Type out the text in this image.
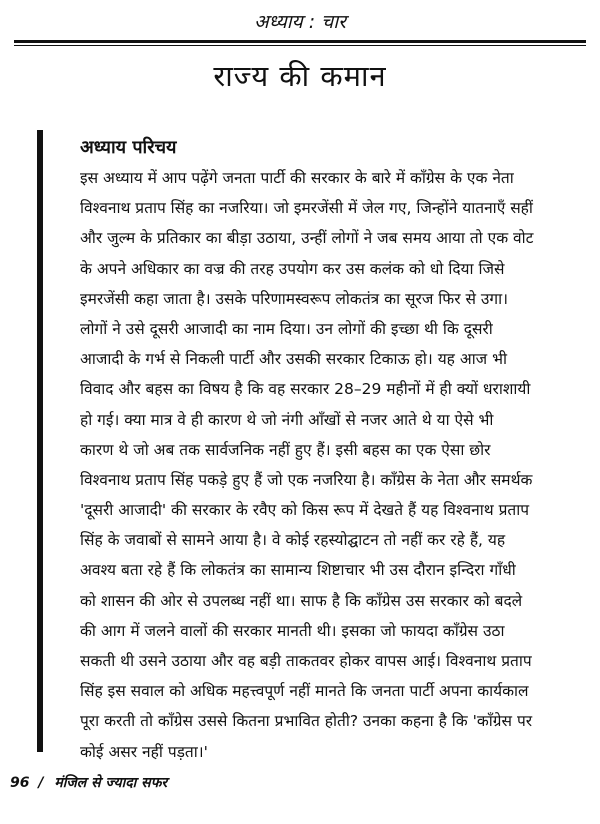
अध्याय : चार
राज्य की कमान
अध्याय परिचय
इस अध्याय में आप पढ़ेंगे जनता पार्टी की सरकार के बारे में कॉंग्रेस के एक नेता
विश्वनाथ प्रताप सिंह का नजरिया। जो इमरजेंसी में जेल गए, जिन्होंने यातनाएँ सहीं
और जुल्म के प्रतिकार का बीड़ा उठाया, उन्हीं लोगों ने जब समय आया तो एक वोट
के अपने अधिकार का वज्र की तरह उपयोग कर उस कलंक को धो दिया जिसे
इमरजेंसी कहा जाता है। उसके परिणामस्वरूप लोकतंत्र का सूरज फिर से उगा।
लोगों ने उसे दूसरी आजादी का नाम दिया। उन लोगों की इच्छा थी कि दूसरी
आजादी के गर्भ से निकली पार्टी और उसकी सरकार टिकाऊ हो। यह आज भी
विवाद और बहस का विषय है कि वह सरकार 28–29 महीनों में ही क्यों धराशायी
हो गई। क्या मात्र वे ही कारण थे जो नंगी आँखों से नजर आते थे या ऐसे भी
कारण थे जो अब तक सार्वजनिक नहीं हुए हैं। इसी बहस का एक ऐसा छोर
विश्वनाथ प्रताप सिंह पकड़े हुए हैं जो एक नजरिया है। कॉंग्रेस के नेता और समर्थक
'दूसरी आजादी' की सरकार के रवैए को किस रूप में देखते हैं यह विश्वनाथ प्रताप
सिंह के जवाबों से सामने आया है। वे कोई रहस्योद्घाटन तो नहीं कर रहे हैं, यह
अवश्य बता रहे हैं कि लोकतंत्र का सामान्य शिष्टाचार भी उस दौरान इन्दिरा गाँधी
को शासन की ओर से उपलब्ध नहीं था। साफ है कि कॉंग्रेस उस सरकार को बदले
की आग में जलने वालों की सरकार मानती थी। इसका जो फायदा कॉंग्रेस उठा
सकती थी उसने उठाया और वह बड़ी ताकतवर होकर वापस आई। विश्वनाथ प्रताप
सिंह इस सवाल को अधिक महत्त्वपूर्ण नहीं मानते कि जनता पार्टी अपना कार्यकाल
पूरा करती तो कॉंग्रेस उससे कितना प्रभावित होती? उनका कहना है कि 'कॉंग्रेस पर
कोई असर नहीं पड़ता।'
96 / मंजिल से ज्यादा सफर
